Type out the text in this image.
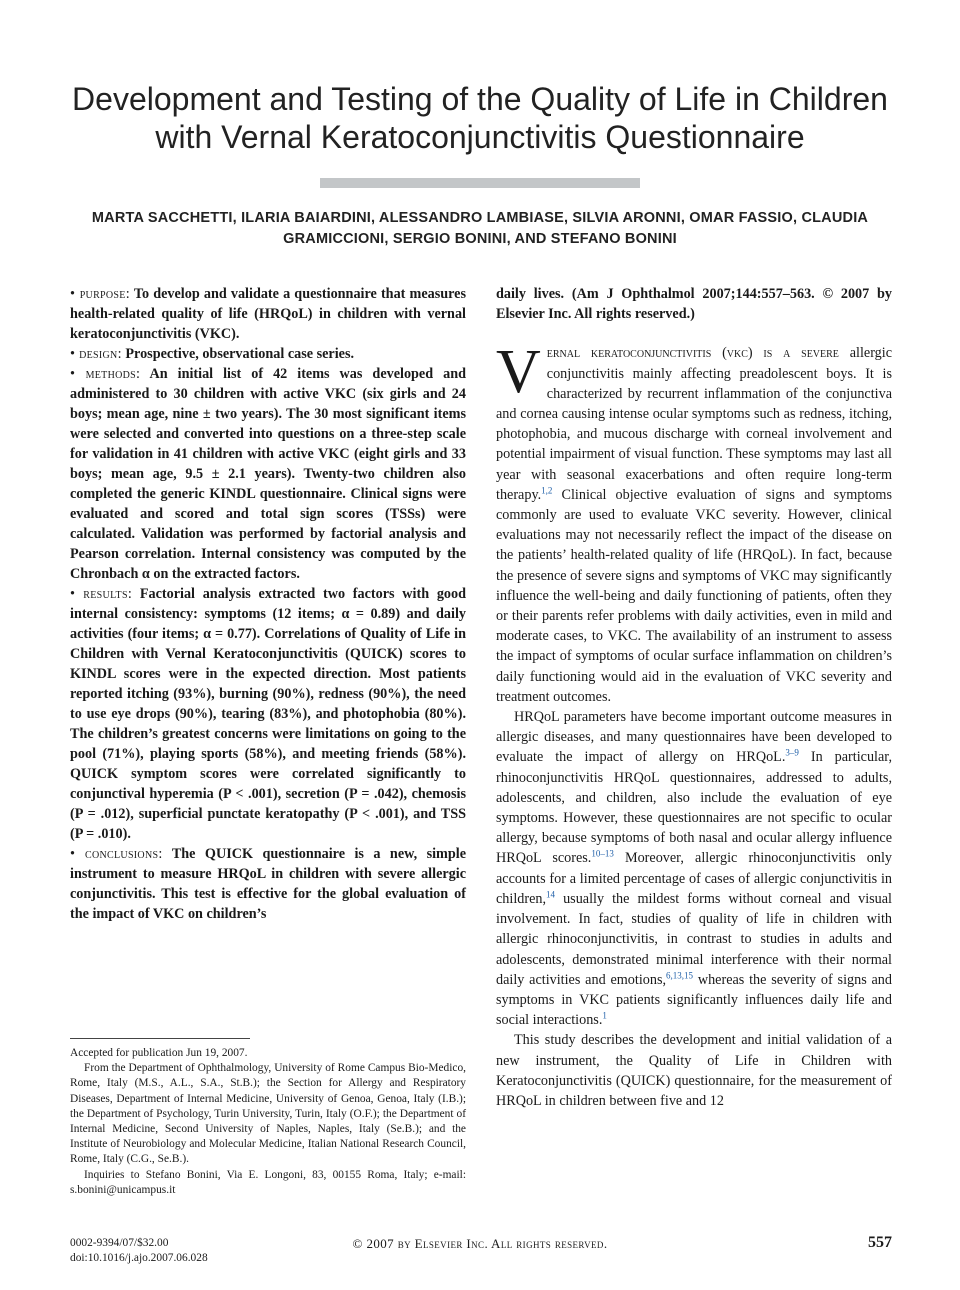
Development and Testing of the Quality of Life in Children with Vernal Keratoconjunctivitis Questionnaire

MARTA SACCHETTI, ILARIA BAIARDINI, ALESSANDRO LAMBIASE, SILVIA ARONNI, OMAR FASSIO, CLAUDIA GRAMICCIONI, SERGIO BONINI, AND STEFANO BONINI

• purpose: To develop and validate a questionnaire that measures health-related quality of life (HRQoL) in children with vernal keratoconjunctivitis (VKC).

• design: Prospective, observational case series.

• methods: An initial list of 42 items was developed and administered to 30 children with active VKC (six girls and 24 boys; mean age, nine ± two years). The 30 most significant items were selected and converted into questions on a three-step scale for validation in 41 children with active VKC (eight girls and 33 boys; mean age, 9.5 ± 2.1 years). Twenty-two children also completed the generic KINDL questionnaire. Clinical signs were evaluated and scored and total sign scores (TSSs) were calculated. Validation was performed by factorial analysis and Pearson correlation. Internal consistency was computed by the Chronbach α on the extracted factors.

• results: Factorial analysis extracted two factors with good internal consistency: symptoms (12 items; α = 0.89) and daily activities (four items; α = 0.77). Correlations of Quality of Life in Children with Vernal Keratoconjunctivitis (QUICK) scores to KINDL scores were in the expected direction. Most patients reported itching (93%), burning (90%), redness (90%), the need to use eye drops (90%), tearing (83%), and photophobia (80%). The children’s greatest concerns were limitations on going to the pool (71%), playing sports (58%), and meeting friends (58%). QUICK symptom scores were correlated significantly to conjunctival hyperemia (P < .001), secretion (P = .042), chemosis (P = .012), superficial punctate keratopathy (P < .001), and TSS (P = .010).

• conclusions: The QUICK questionnaire is a new, simple instrument to measure HRQoL in children with severe allergic conjunctivitis. This test is effective for the global evaluation of the impact of VKC on children’s

daily lives. (Am J Ophthalmol 2007;144:557–563. © 2007 by Elsevier Inc. All rights reserved.)

Vernal keratoconjunctivitis (vkc) is a severe allergic conjunctivitis mainly affecting preadolescent boys. It is characterized by recurrent inflammation of the conjunctiva and cornea causing intense ocular symptoms such as redness, itching, photophobia, and mucous discharge with corneal involvement and potential impairment of visual function. These symptoms may last all year with seasonal exacerbations and often require long-term therapy.$^{1,2}$ Clinical objective evaluation of signs and symptoms commonly are used to evaluate VKC severity. However, clinical evaluations may not necessarily reflect the impact of the disease on the patients’ health-related quality of life (HRQoL). In fact, because the presence of severe signs and symptoms of VKC may significantly influence the well-being and daily functioning of patients, often they or their parents refer problems with daily activities, even in mild and moderate cases, to VKC. The availability of an instrument to assess the impact of symptoms of ocular surface inflammation on children’s daily functioning would aid in the evaluation of VKC severity and treatment outcomes.

HRQoL parameters have become important outcome measures in allergic diseases, and many questionnaires have been developed to evaluate the impact of allergy on HRQoL.$^{3-9}$ In particular, rhinoconjunctivitis HRQoL questionnaires, addressed to adults, adolescents, and children, also include the evaluation of eye symptoms. However, these questionnaires are not specific to ocular allergy, because symptoms of both nasal and ocular allergy influence HRQoL scores.$^{10-13}$ Moreover, allergic rhinoconjunctivitis only accounts for a limited percentage of cases of allergic conjunctivitis in children,$^{14}$ usually the mildest forms without corneal and visual involvement. In fact, studies of quality of life in children with allergic rhinoconjunctivitis, in contrast to studies in adults and adolescents, demonstrated minimal interference with their normal daily activities and emotions,$^{6,13,15}$ whereas the severity of signs and symptoms in VKC patients significantly influences daily life and social interactions.$^1$

This study describes the development and initial validation of a new instrument, the Quality of Life in Children with Keratoconjunctivitis (QUICK) questionnaire, for the measurement of HRQoL in children between five and 12

Accepted for publication Jun 19, 2007.

From the Department of Ophthalmology, University of Rome Campus Bio-Medico, Rome, Italy (M.S., A.L., S.A., St.B.); the Section for Allergy and Respiratory Diseases, Department of Internal Medicine, University of Genoa, Genoa, Italy (I.B.); the Department of Psychology, Turin University, Turin, Italy (O.F.); the Department of Internal Medicine, Second University of Naples, Naples, Italy (Se.B.); and the Institute of Neurobiology and Molecular Medicine, Italian National Research Council, Rome, Italy (C.G., Se.B.).

Inquiries to Stefano Bonini, Via E. Longoni, 83, 00155 Roma, Italy; e-mail: s.bonini@unicampus.it

0002-9394/07/$32.00
doi:10.1016/j.ajo.2007.06.028
© 2007 by Elsevier Inc. All rights reserved.	557
